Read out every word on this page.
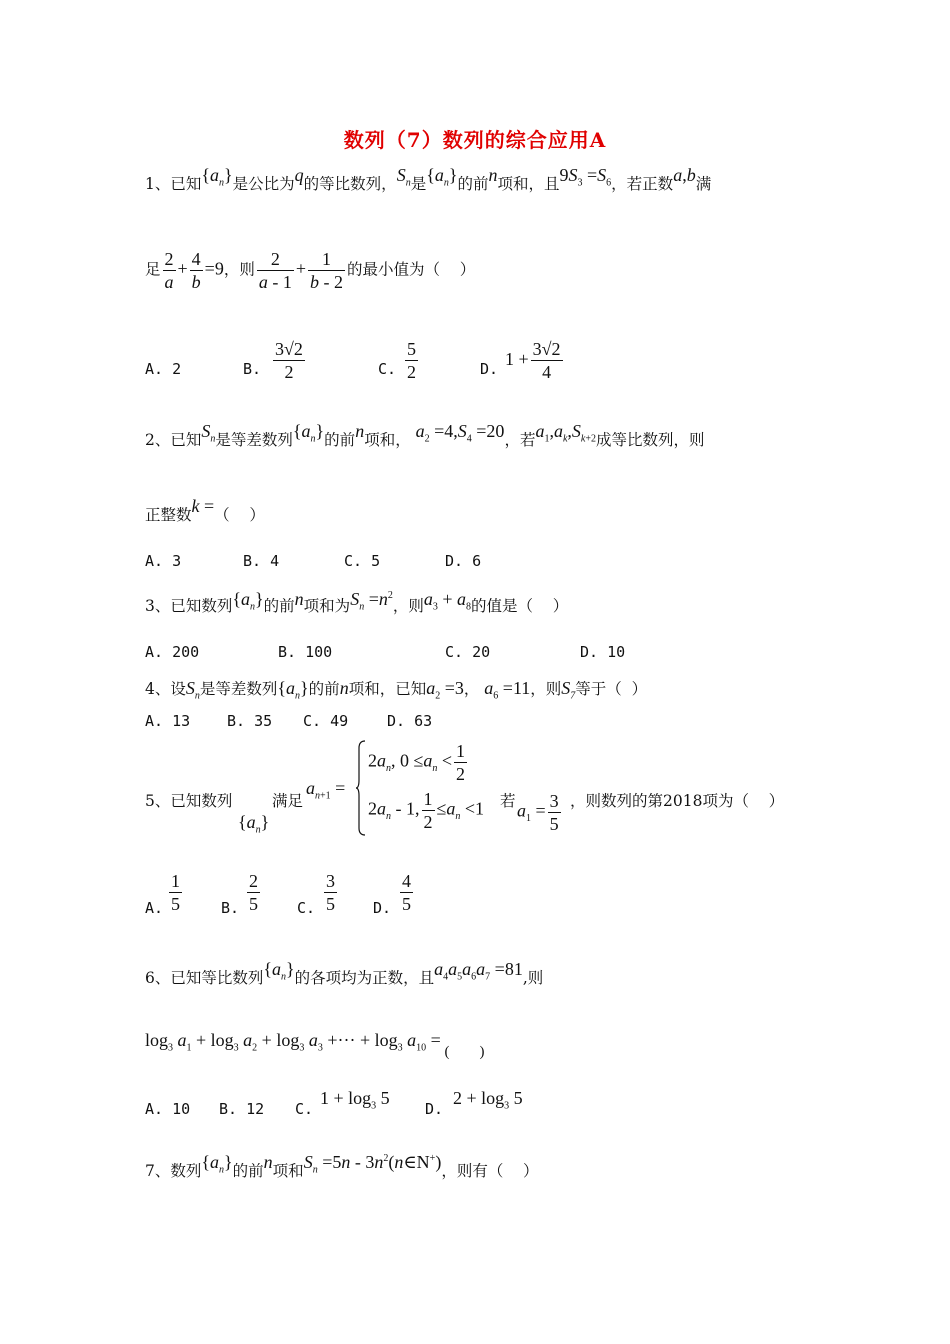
数列（7）数列的综合应用A
1、已知$\{a_n\}$是公比为q的等比数列，$S_n$是$\{a_n\}$的前n项和，且$9S_3 =S_6$，若正数a,b满
足 $\frac{2}{a} + \frac{4}{b} =9$，则 $\frac{2}{a - 1} + \frac{1}{b - 2}$ 的最小值为（    ）
A. 2	B. $\frac{3√2}{2}$	C. $\frac{5}{2}$	D. $1 + \frac{3√2}{4}$
2、已知$S_n$是等差数列$\{a_n\}$的前n项和， $a_2 =4,S_4 =20$，若$a_1,a_k,S_{k+2}$成等比数列，则
正整数k =（    ）
A. 3	B. 4	C. 5	D. 6
3、已知数列$\{a_n\}$的前n项和为$S_n =n^2$，则$a_3 + a_8$的值是（    ）
A. 200	B. 100	C. 20	D. 10
4、设$S_n$是等差数列$\{a_n\}$的前n项和，已知$a_2 =3$， $a_6 =11$，则$S_7$等于（  ）
A. 13 B. 35 C. 49	D. 63
5、已知数列
$\{a_n\}$
满足
$a_{n+1}$ =
$2a_n$, $0 \le a_n < \frac{1}{2}$
$2a_n - 1$, $\frac{1}{2} \le a_n <1$ 若 $a_1 = \frac{3}{5}$ ，则数列的第2018项为（    ）
A. $\frac{1}{5}$	B. $\frac{2}{5} C$. $\frac{3}{5} D$. $\frac{4}{5}$
6、已知等比数列$\{a_n\}$的各项均为正数，且$a_4a_5a_6a_7 =81$,则
$\log_3 a_1 + \log_3 a_2 + \log_3 a_3$ +··· + $\log_3 a_{10} = _{( )}$
A. 10 B. 12 C.
$1 + \log_3 5$
D.
$2 + \log_3 5$
7、数列$\{a_n\}$的前n项和$S_n =5n$ - $3n^2(n\in N^+)$，则有（    ）
